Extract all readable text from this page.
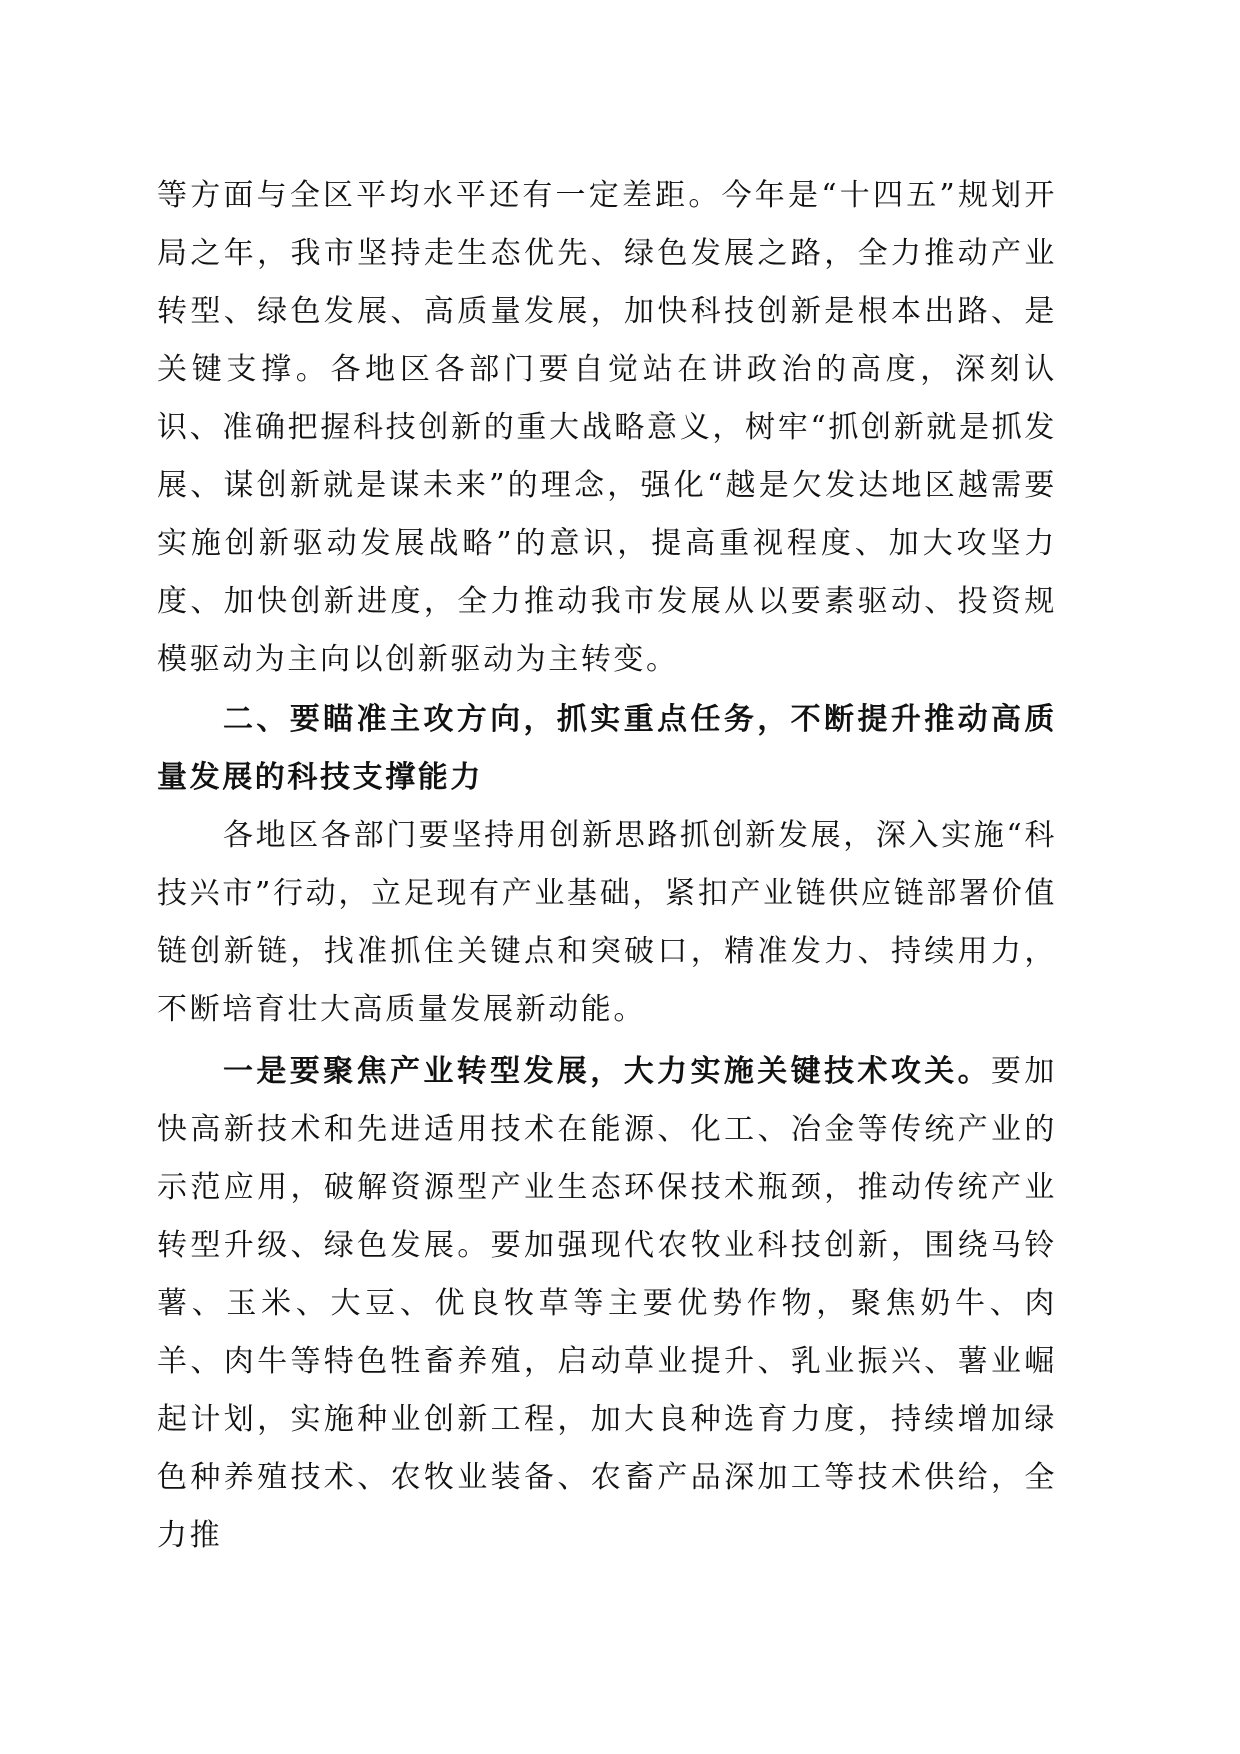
等方面与全区平均水平还有一定差距。今年是“十四五”规划开局之年，我市坚持走生态优先、绿色发展之路，全力推动产业转型、绿色发展、高质量发展，加快科技创新是根本出路、是关键支撑。各地区各部门要自觉站在讲政治的高度，深刻认识、准确把握科技创新的重大战略意义，树牢“抓创新就是抓发展、谋创新就是谋未来”的理念，强化“越是欠发达地区越需要实施创新驱动发展战略”的意识，提高重视程度、加大攻坚力度、加快创新进度，全力推动我市发展从以要素驱动、投资规模驱动为主向以创新驱动为主转变。

二、要瞄准主攻方向，抓实重点任务，不断提升推动高质量发展的科技支撑能力

各地区各部门要坚持用创新思路抓创新发展，深入实施“科技兴市”行动，立足现有产业基础，紧扣产业链供应链部署价值链创新链，找准抓住关键点和突破口，精准发力、持续用力，不断培育壮大高质量发展新动能。

一是要聚焦产业转型发展，大力实施关键技术攻关。要加快高新技术和先进适用技术在能源、化工、冶金等传统产业的示范应用，破解资源型产业生态环保技术瓶颈，推动传统产业转型升级、绿色发展。要加强现代农牧业科技创新，围绕马铃薯、玉米、大豆、优良牧草等主要优势作物，聚焦奶牛、肉羊、肉牛等特色牲畜养殖，启动草业提升、乳业振兴、薯业崛起计划，实施种业创新工程，加大良种选育力度，持续增加绿色种养殖技术、农牧业装备、农畜产品深加工等技术供给，全力推
